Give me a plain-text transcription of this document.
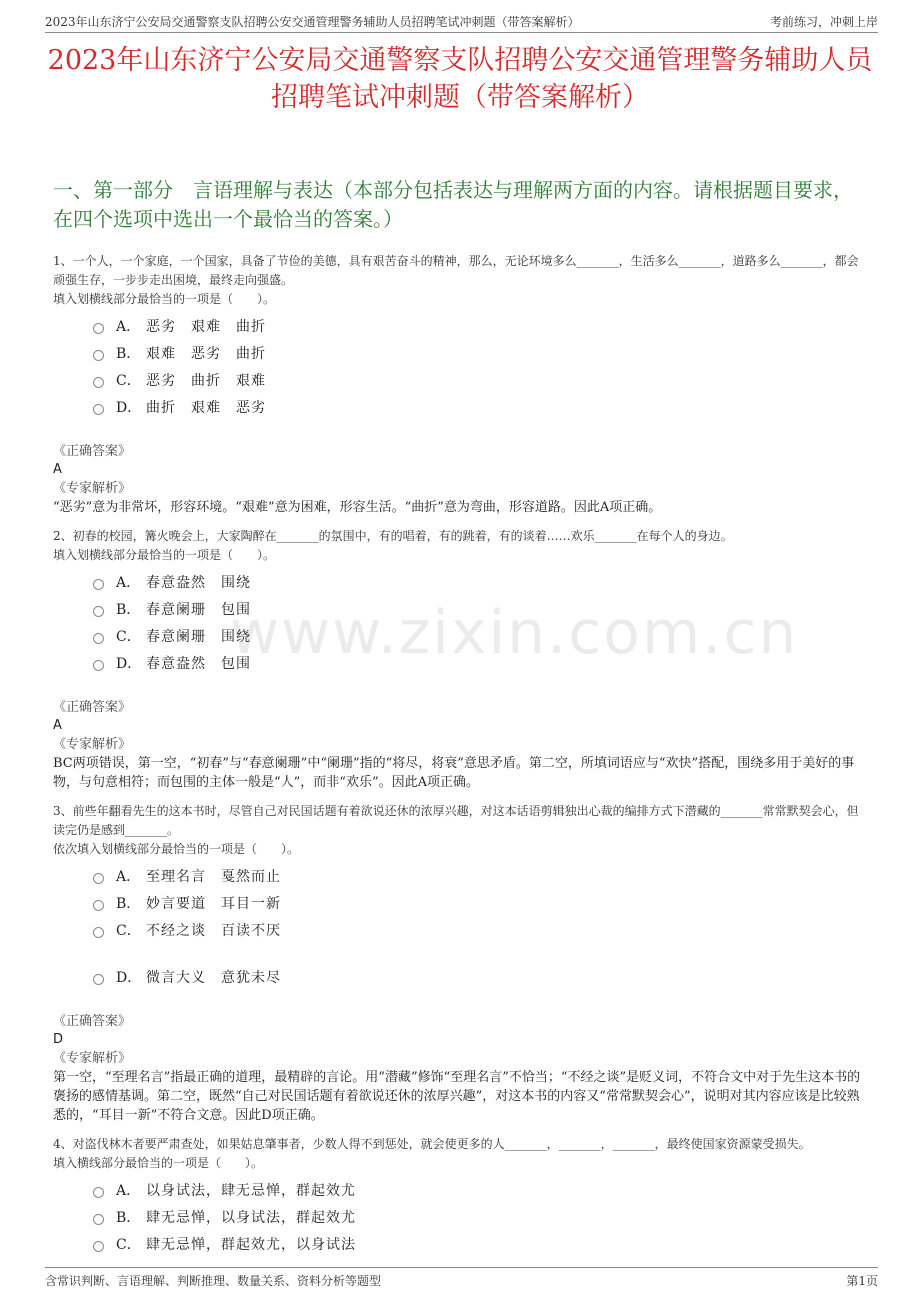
2023年山东济宁公安局交通警察支队招聘公安交通管理警务辅助人员招聘笔试冲刺题（带答案解析）	考前练习，冲刺上岸
2023年山东济宁公安局交通警察支队招聘公安交通管理警务辅助人员招聘笔试冲刺题（带答案解析）
一、第一部分　言语理解与表达（本部分包括表达与理解两方面的内容。请根据题目要求，在四个选项中选出一个最恰当的答案。）
www.zixin.com.cn
1、一个人，一个家庭，一个国家，具备了节俭的美德，具有艰苦奋斗的精神，那么，无论环境多么_______，生活多么_______，道路多么_______，都会顽强生存，一步步走出困境，最终走向强盛。
填入划横线部分最恰当的一项是（　　）。
A． 恶劣　艰难　曲折
B． 艰难　恶劣　曲折
C． 恶劣　曲折　艰难
D． 曲折　艰难　恶劣
《正确答案》
A
《专家解析》
“恶劣”意为非常坏，形容环境。“艰难”意为困难，形容生活。“曲折”意为弯曲，形容道路。因此A项正确。
2、初春的校园，篝火晚会上，大家陶醉在_______的氛围中，有的唱着，有的跳着，有的谈着……欢乐_______在每个人的身边。
填入划横线部分最恰当的一项是（　　）。
A． 春意盎然　围绕
B． 春意阑珊　包围
C． 春意阑珊　围绕
D． 春意盎然　包围
《正确答案》
A
《专家解析》
BC两项错误，第一空，“初春”与“春意阑珊”中“阑珊”指的“将尽，将衰”意思矛盾。第二空，所填词语应与“欢快”搭配，围绕多用于美好的事物，与句意相符；而包围的主体一般是“人”，而非“欢乐”。因此A项正确。
3、前些年翻看先生的这本书时，尽管自己对民国话题有着欲说还休的浓厚兴趣，对这本话语剪辑独出心裁的编排方式下潜藏的_______常常默契会心，但读完仍是感到_______。
依次填入划横线部分最恰当的一项是（　　）。
A． 至理名言　戛然而止
B． 妙言要道　耳目一新
C． 不经之谈　百读不厌
D． 微言大义　意犹未尽
《正确答案》
D
《专家解析》
第一空，“至理名言”指最正确的道理，最精辟的言论。用“潜藏”修饰“至理名言”不恰当；“不经之谈”是贬义词，不符合文中对于先生这本书的褒扬的感情基调。第二空，既然“自己对民国话题有着欲说还休的浓厚兴趣”，对这本书的内容又“常常默契会心”，说明对其内容应该是比较熟悉的，“耳目一新”不符合文意。因此D项正确。
4、对盗伐林木者要严肃查处，如果姑息肇事者，少数人得不到惩处，就会使更多的人_______，_______，_______，最终使国家资源蒙受损失。
填入横线部分最恰当的一项是（　　）。
A． 以身试法，肆无忌惮，群起效尤
B． 肆无忌惮，以身试法，群起效尤
C． 肆无忌惮，群起效尤，以身试法
含常识判断、言语理解、判断推理、数量关系、资料分析等题型	第1页
